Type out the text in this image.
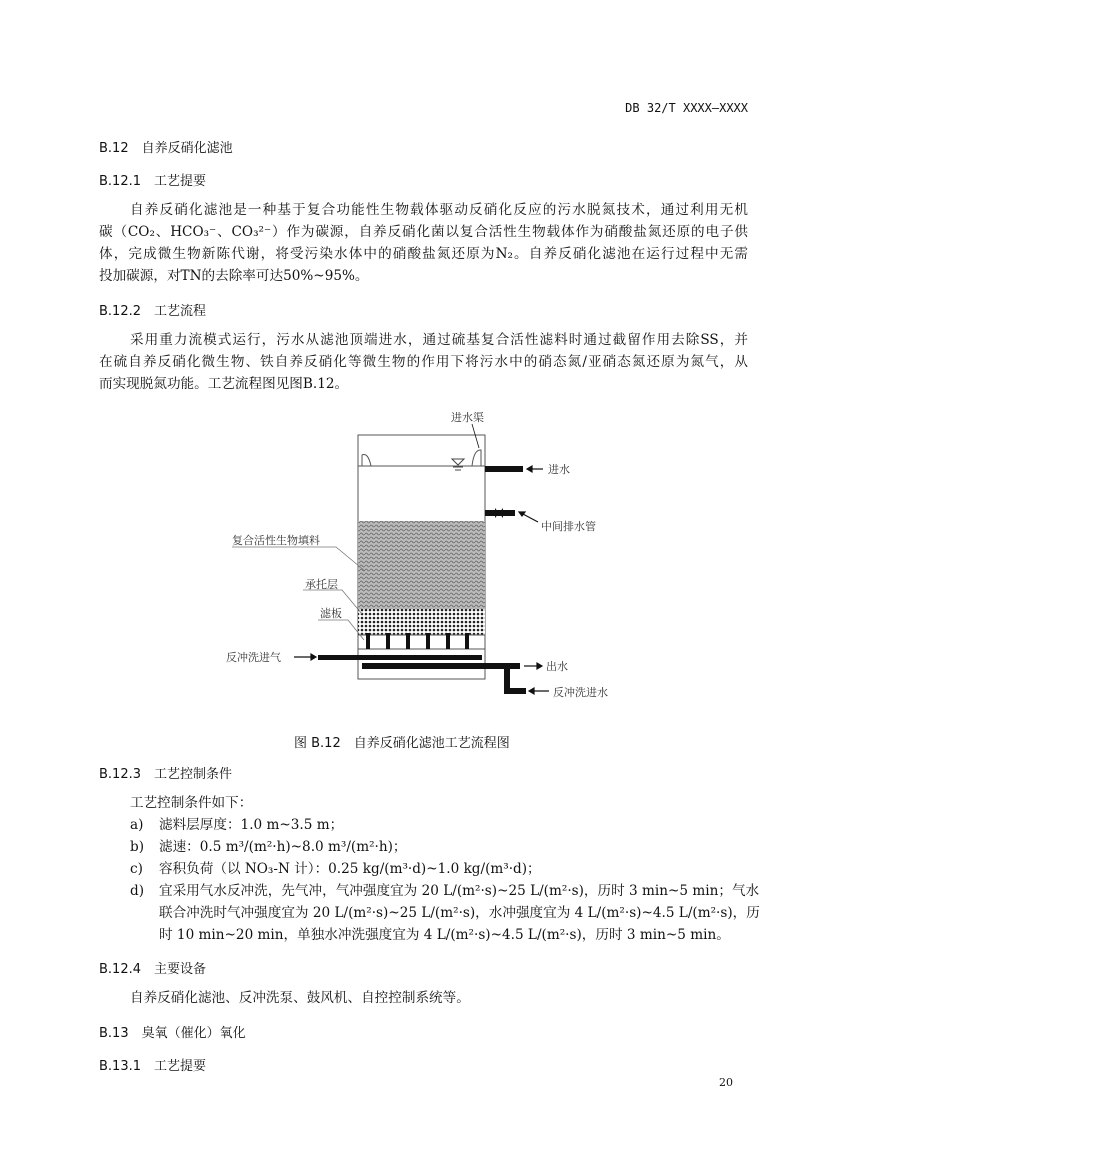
DB 32/T XXXX—XXXX
B.12　自养反硝化滤池
B.12.1　工艺提要
自养反硝化滤池是一种基于复合功能性生物载体驱动反硝化反应的污水脱氮技术，通过利用无机
碳（CO₂、HCO₃⁻、CO₃²⁻）作为碳源，自养反硝化菌以复合活性生物载体作为硝酸盐氮还原的电子供
体，完成微生物新陈代谢，将受污染水体中的硝酸盐氮还原为N₂。自养反硝化滤池在运行过程中无需
投加碳源，对TN的去除率可达50%~95%。
B.12.2　工艺流程
采用重力流模式运行，污水从滤池顶端进水，通过硫基复合活性滤料时通过截留作用去除SS，并
在硫自养反硝化微生物、铁自养反硝化等微生物的作用下将污水中的硝态氮/亚硝态氮还原为氮气，从
而实现脱氮功能。工艺流程图见图B.12。
进水渠
进水
中间排水管
复合活性生物填料
承托层
滤板
反冲洗进气
出水
反冲洗进水
图 B.12　自养反硝化滤池工艺流程图
B.12.3　工艺控制条件
工艺控制条件如下：
a) 滤料层厚度：1.0 m~3.5 m；
b) 滤速：0.5 m³/(m²·h)~8.0 m³/(m²·h)；
c) 容积负荷（以 NO₃-N 计）：0.25 kg/(m³·d)~1.0 kg/(m³·d)；
d) 宜采用气水反冲洗，先气冲，气冲强度宜为 20 L/(m²·s)~25 L/(m²·s)，历时 3 min~5 min；气水
联合冲洗时气冲强度宜为 20 L/(m²·s)~25 L/(m²·s)，水冲强度宜为 4 L/(m²·s)~4.5 L/(m²·s)，历
时 10 min~20 min，单独水冲洗强度宜为 4 L/(m²·s)~4.5 L/(m²·s)，历时 3 min~5 min。
B.12.4　主要设备
自养反硝化滤池、反冲洗泵、鼓风机、自控控制系统等。
B.13　臭氧（催化）氧化
B.13.1　工艺提要
20
